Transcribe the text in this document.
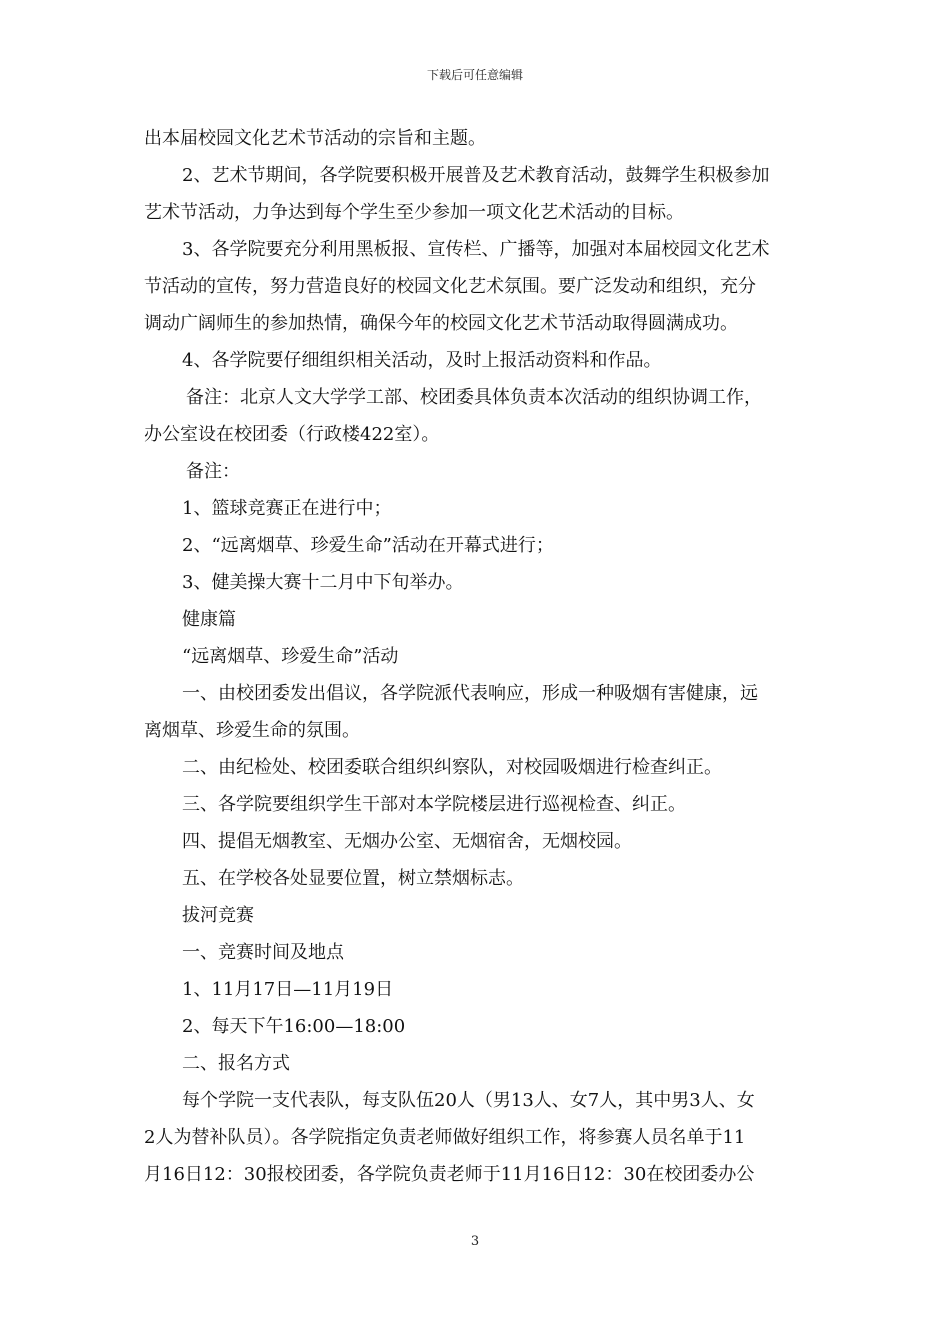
下载后可任意编辑

出本届校园文化艺术节活动的宗旨和主题。

2、艺术节期间，各学院要积极开展普及艺术教育活动，鼓舞学生积极参加

艺术节活动，力争达到每个学生至少参加一项文化艺术活动的目标。

3、各学院要充分利用黑板报、宣传栏、广播等，加强对本届校园文化艺术

节活动的宣传，努力营造良好的校园文化艺术氛围。要广泛发动和组织，充分

调动广阔师生的参加热情，确保今年的校园文化艺术节活动取得圆满成功。

4、各学院要仔细组织相关活动，及时上报活动资料和作品。

备注：北京人文大学学工部、校团委具体负责本次活动的组织协调工作，

办公室设在校团委（行政楼422室）。

备注：

1、篮球竞赛正在进行中；

2、“远离烟草、珍爱生命”活动在开幕式进行；

3、健美操大赛十二月中下旬举办。

健康篇

“远离烟草、珍爱生命”活动

一、由校团委发出倡议，各学院派代表响应，形成一种吸烟有害健康，远

离烟草、珍爱生命的氛围。

二、由纪检处、校团委联合组织纠察队，对校园吸烟进行检查纠正。

三、各学院要组织学生干部对本学院楼层进行巡视检查、纠正。

四、提倡无烟教室、无烟办公室、无烟宿舍，无烟校园。

五、在学校各处显要位置，树立禁烟标志。

拔河竞赛

一、竞赛时间及地点

1、11月17日—11月19日

2、每天下午16:00—18:00

二、报名方式

每个学院一支代表队，每支队伍20人（男13人、女7人，其中男3人、女

2人为替补队员）。各学院指定负责老师做好组织工作，将参赛人员名单于11

月16日12：30报校团委，各学院负责老师于11月16日12：30在校团委办公

3
